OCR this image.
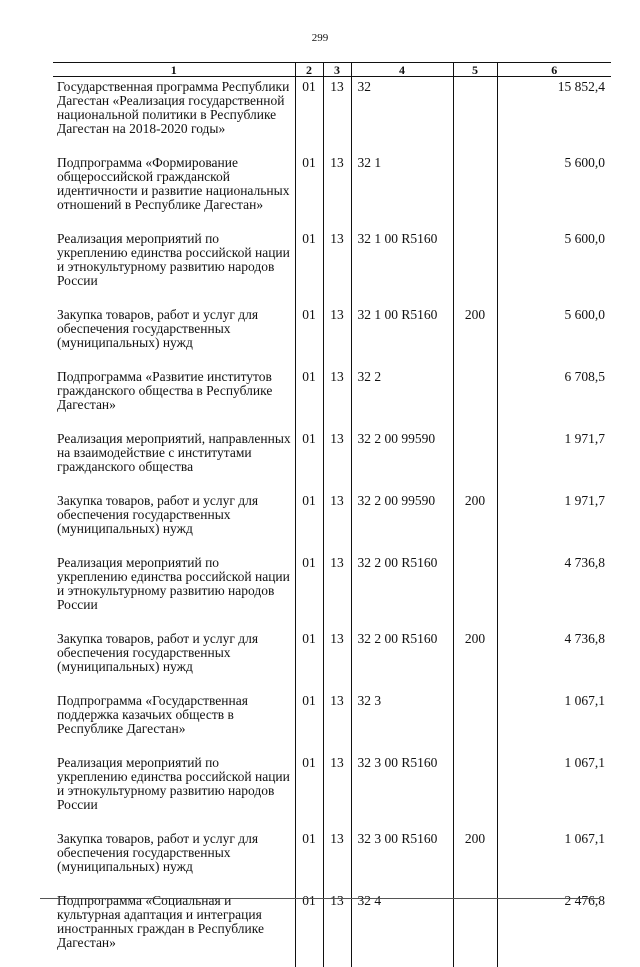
299
1	2	3	4	5	6
Государственная программа Республики Дагестан «Реализация государственной национальной политики в Республике Дагестан на 2018-2020 годы»	01	13	32		15 852,4
Подпрограмма «Формирование общероссийской гражданской идентичности и развитие национальных отношений в Республике Дагестан»	01	13	32 1		5 600,0
Реализация мероприятий по укреплению единства российской нации и этнокультурному развитию народов России	01	13	32 1 00 R5160		5 600,0
Закупка товаров, работ и услуг для обеспечения государственных (муниципальных) нужд	01	13	32 1 00 R5160	200	5 600,0
Подпрограмма «Развитие институтов гражданского общества в Республике Дагестан»	01	13	32 2		6 708,5
Реализация мероприятий, направленных на взаимодействие с институтами гражданского общества	01	13	32 2 00 99590		1 971,7
Закупка товаров, работ и услуг для обеспечения государственных (муниципальных) нужд	01	13	32 2 00 99590	200	1 971,7
Реализация мероприятий по укреплению единства российской нации и этнокультурному развитию народов России	01	13	32 2 00 R5160		4 736,8
Закупка товаров, работ и услуг для обеспечения государственных (муниципальных) нужд	01	13	32 2 00 R5160	200	4 736,8
Подпрограмма «Государственная поддержка казачьих обществ в Республике Дагестан»	01	13	32 3		1 067,1
Реализация мероприятий по укреплению единства российской нации и этнокультурному развитию народов России	01	13	32 3 00 R5160		1 067,1
Закупка товаров, работ и услуг для обеспечения государственных (муниципальных) нужд	01	13	32 3 00 R5160	200	1 067,1
Подпрограмма «Социальная и культурная адаптация и интеграция иностранных граждан в Республике Дагестан»	01	13	32 4		2 476,8
